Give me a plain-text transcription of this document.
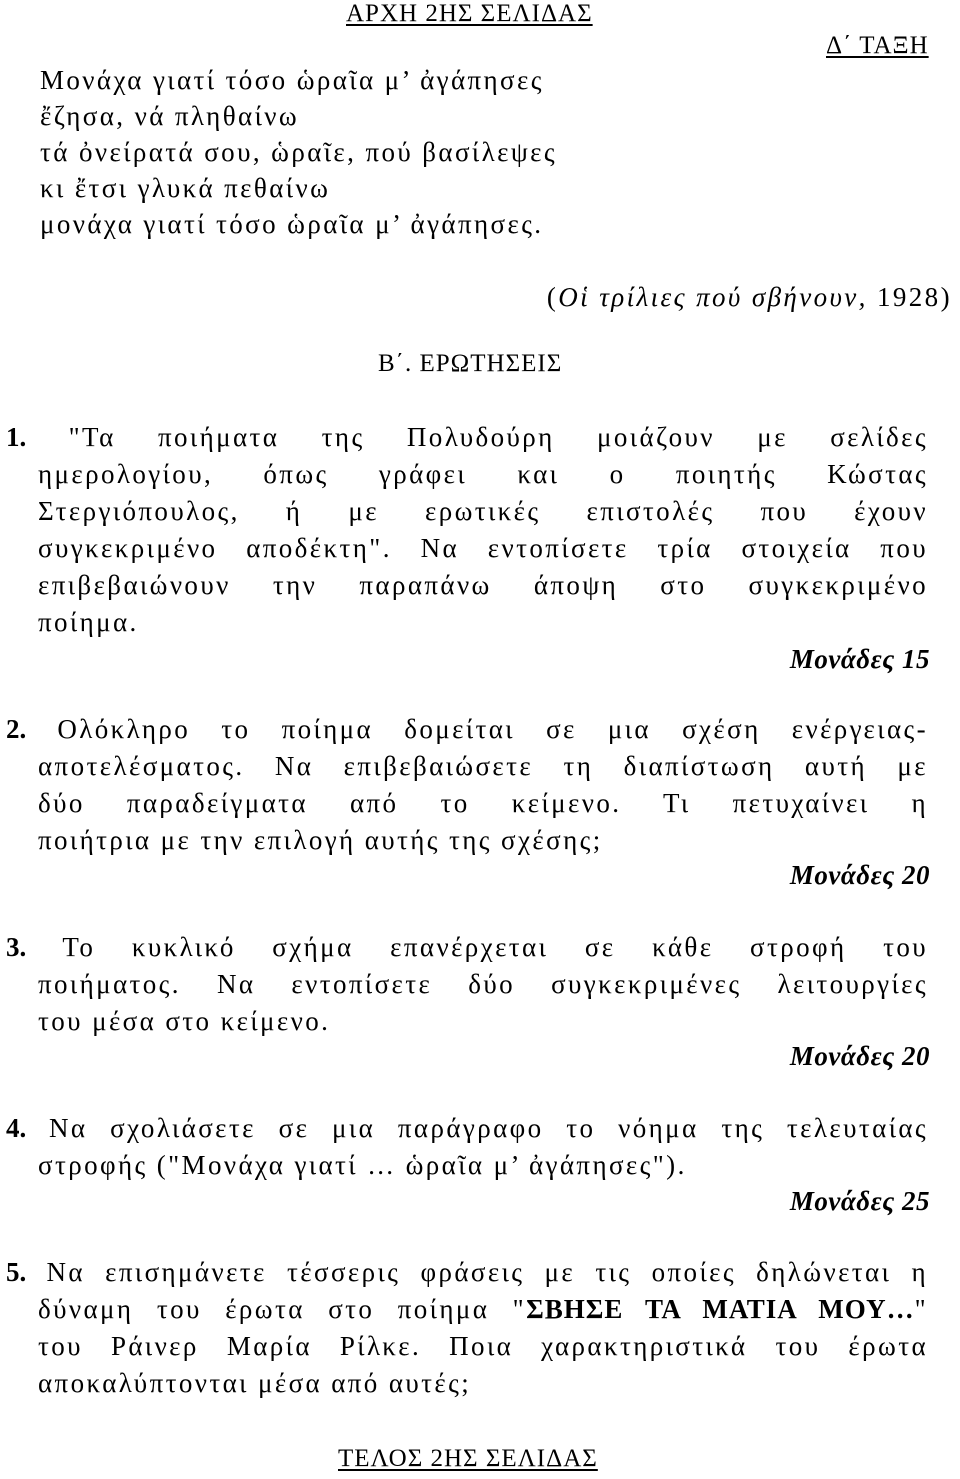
ΑΡΧΗ 2ΗΣ ΣΕΛΙΔΑΣ
Δ΄ ΤΑΞΗ
Μονάχα γιατί τόσο ὡραῖα μ’ ἀγάπησες
ἔζησα, νά πληθαίνω
τά ὀνείρατά σου, ὡραῖε, πού βασίλεψες
κι ἔτσι γλυκά πεθαίνω
μονάχα γιατί τόσο ὡραῖα μ’ ἀγάπησες.
(Οἱ τρίλιες πού σβήνουν, 1928)
Β΄. ΕΡΩΤΗΣΕΙΣ
1. "Τα ποιήματα της Πολυδούρη μοιάζουν με σελίδες
ημερολογίου, όπως γράφει και ο ποιητής Κώστας
Στεργιόπουλος, ή με ερωτικές επιστολές που έχουν
συγκεκριμένο αποδέκτη". Να εντοπίσετε τρία στοιχεία που
επιβεβαιώνουν την παραπάνω άποψη στο συγκεκριμένο
ποίημα.
Μονάδες 15
2. Ολόκληρο το ποίημα δομείται σε μια σχέση ενέργειας-
αποτελέσματος. Να επιβεβαιώσετε τη διαπίστωση αυτή με
δύο παραδείγματα από το κείμενο. Τι πετυχαίνει η
ποιήτρια με την επιλογή αυτής της σχέσης;
Μονάδες 20
3. Το κυκλικό σχήμα επανέρχεται σε κάθε στροφή του
ποιήματος. Να εντοπίσετε δύο συγκεκριμένες λειτουργίες
του μέσα στο κείμενο.
Μονάδες 20
4. Να σχολιάσετε σε μια παράγραφο το νόημα της τελευταίας
στροφής ("Μονάχα γιατί … ὡραῖα μ’ ἀγάπησες").
Μονάδες 25
5. Να επισημάνετε τέσσερις φράσεις με τις οποίες δηλώνεται η
δύναμη του έρωτα στο ποίημα "ΣΒΗΣΕ ΤΑ ΜΑΤΙΑ ΜΟΥ…"
του Ράινερ Μαρία Ρίλκε. Ποια χαρακτηριστικά του έρωτα
αποκαλύπτονται μέσα από αυτές;
ΤΕΛΟΣ 2ΗΣ ΣΕΛΙΔΑΣ
